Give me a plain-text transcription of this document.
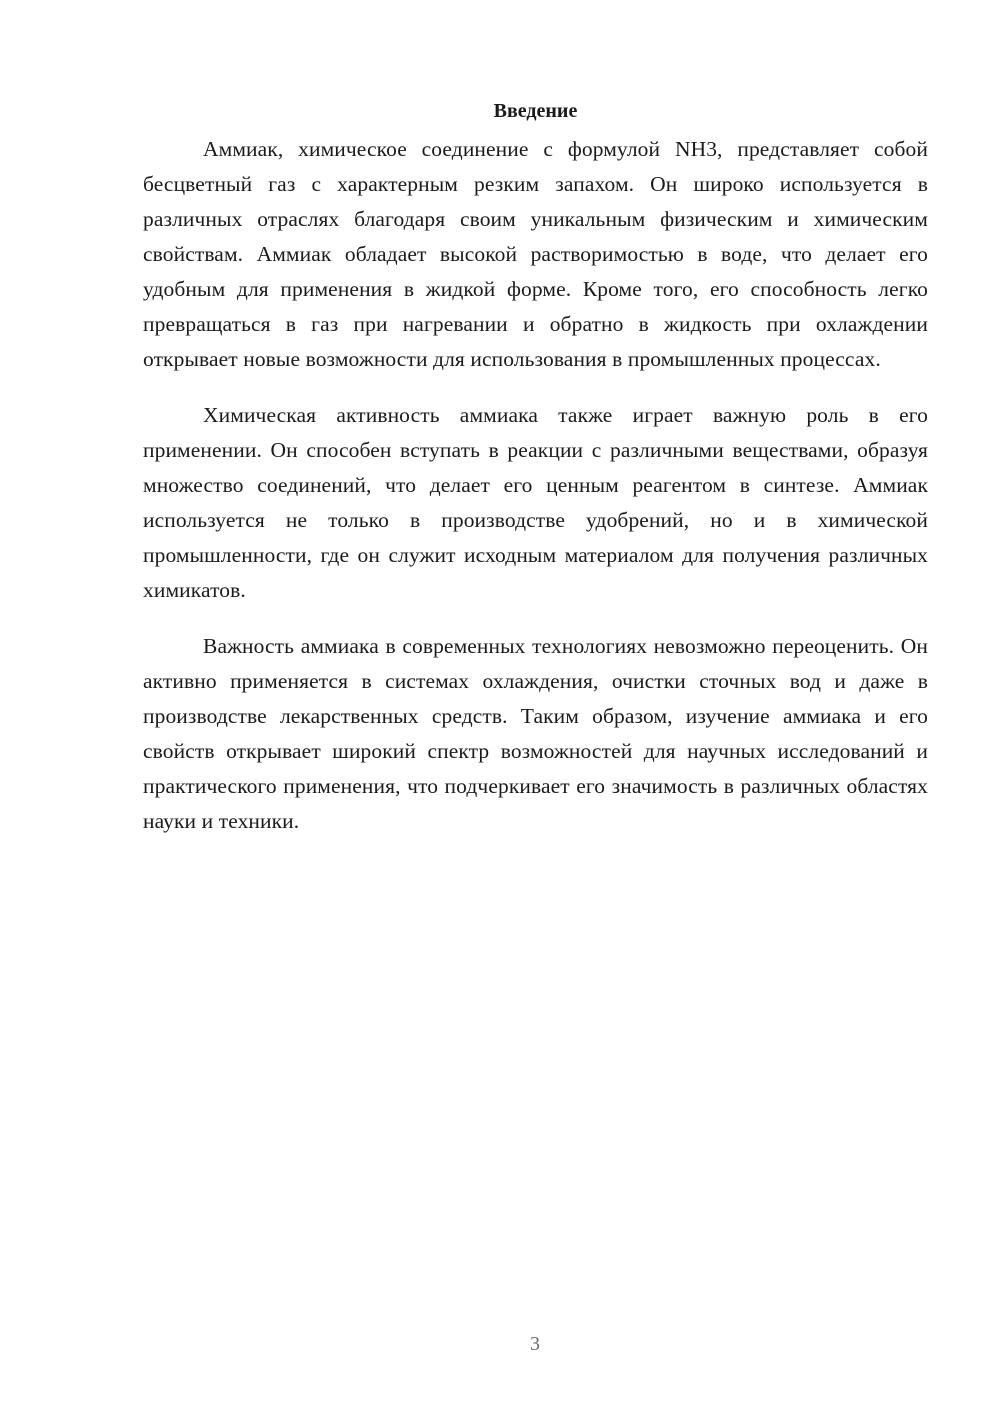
Введение

Аммиак, химическое соединение с формулой NH3, представляет собой бесцветный газ с характерным резким запахом. Он широко используется в различных отраслях благодаря своим уникальным физическим и химическим свойствам. Аммиак обладает высокой растворимостью в воде, что делает его удобным для применения в жидкой форме. Кроме того, его способность легко превращаться в газ при нагревании и обратно в жидкость при охлаждении открывает новые возможности для использования в промышленных процессах.

Химическая активность аммиака также играет важную роль в его применении. Он способен вступать в реакции с различными веществами, образуя множество соединений, что делает его ценным реагентом в синтезе. Аммиак используется не только в производстве удобрений, но и в химической промышленности, где он служит исходным материалом для получения различных химикатов.

Важность аммиака в современных технологиях невозможно переоценить. Он активно применяется в системах охлаждения, очистки сточных вод и даже в производстве лекарственных средств. Таким образом, изучение аммиака и его свойств открывает широкий спектр возможностей для научных исследований и практического применения, что подчеркивает его значимость в различных областях науки и техники.

3
